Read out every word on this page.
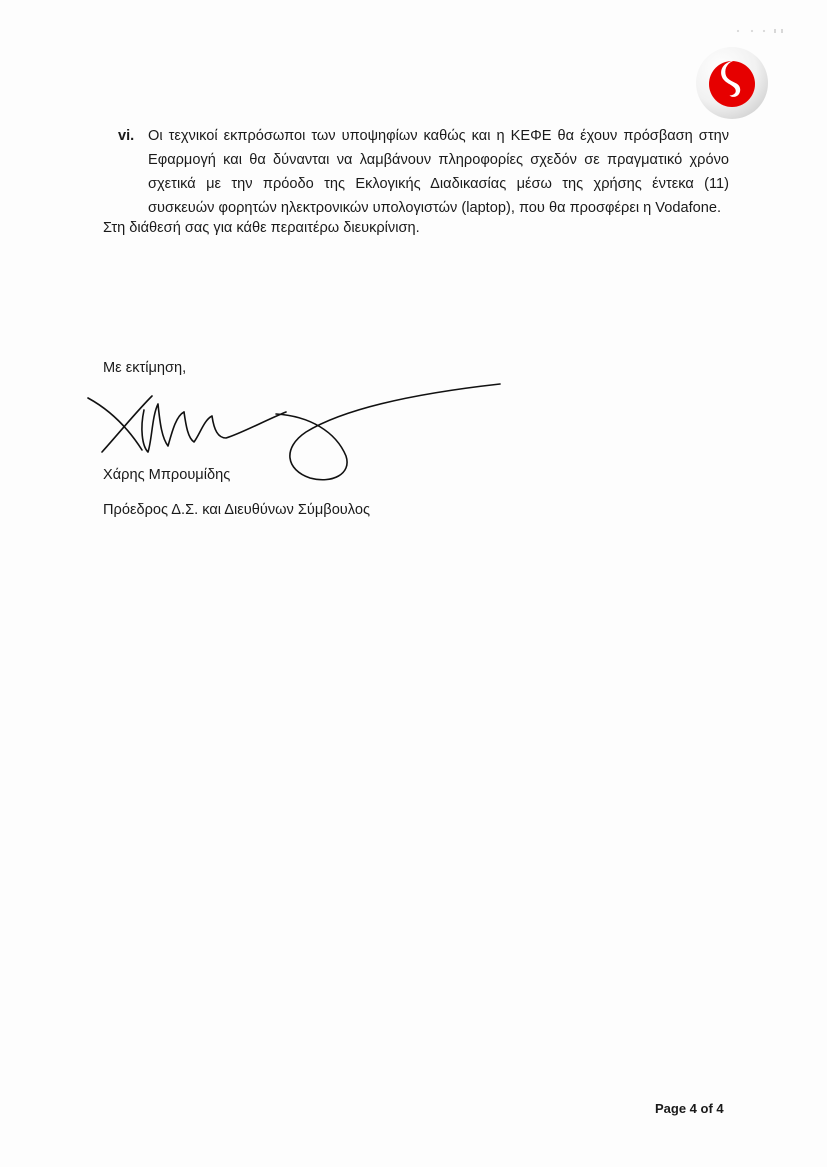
vi. Οι τεχνικοί εκπρόσωποι των υποψηφίων καθώς και η ΚΕΦΕ θα έχουν πρόσβαση στην Εφαρμογή και θα δύνανται να λαμβάνουν πληροφορίες σχεδόν σε πραγματικό χρόνο σχετικά με την πρόοδο της Εκλογικής Διαδικασίας μέσω της χρήσης έντεκα (11) συσκευών φορητών ηλεκτρονικών υπολογιστών (laptop), που θα προσφέρει η Vodafone.
Στη διάθεσή σας για κάθε περαιτέρω διευκρίνιση.
Με εκτίμηση,
Χάρης Μπρουμίδης
Πρόεδρος Δ.Σ. και Διευθύνων Σύμβουλος
Page 4 of 4
